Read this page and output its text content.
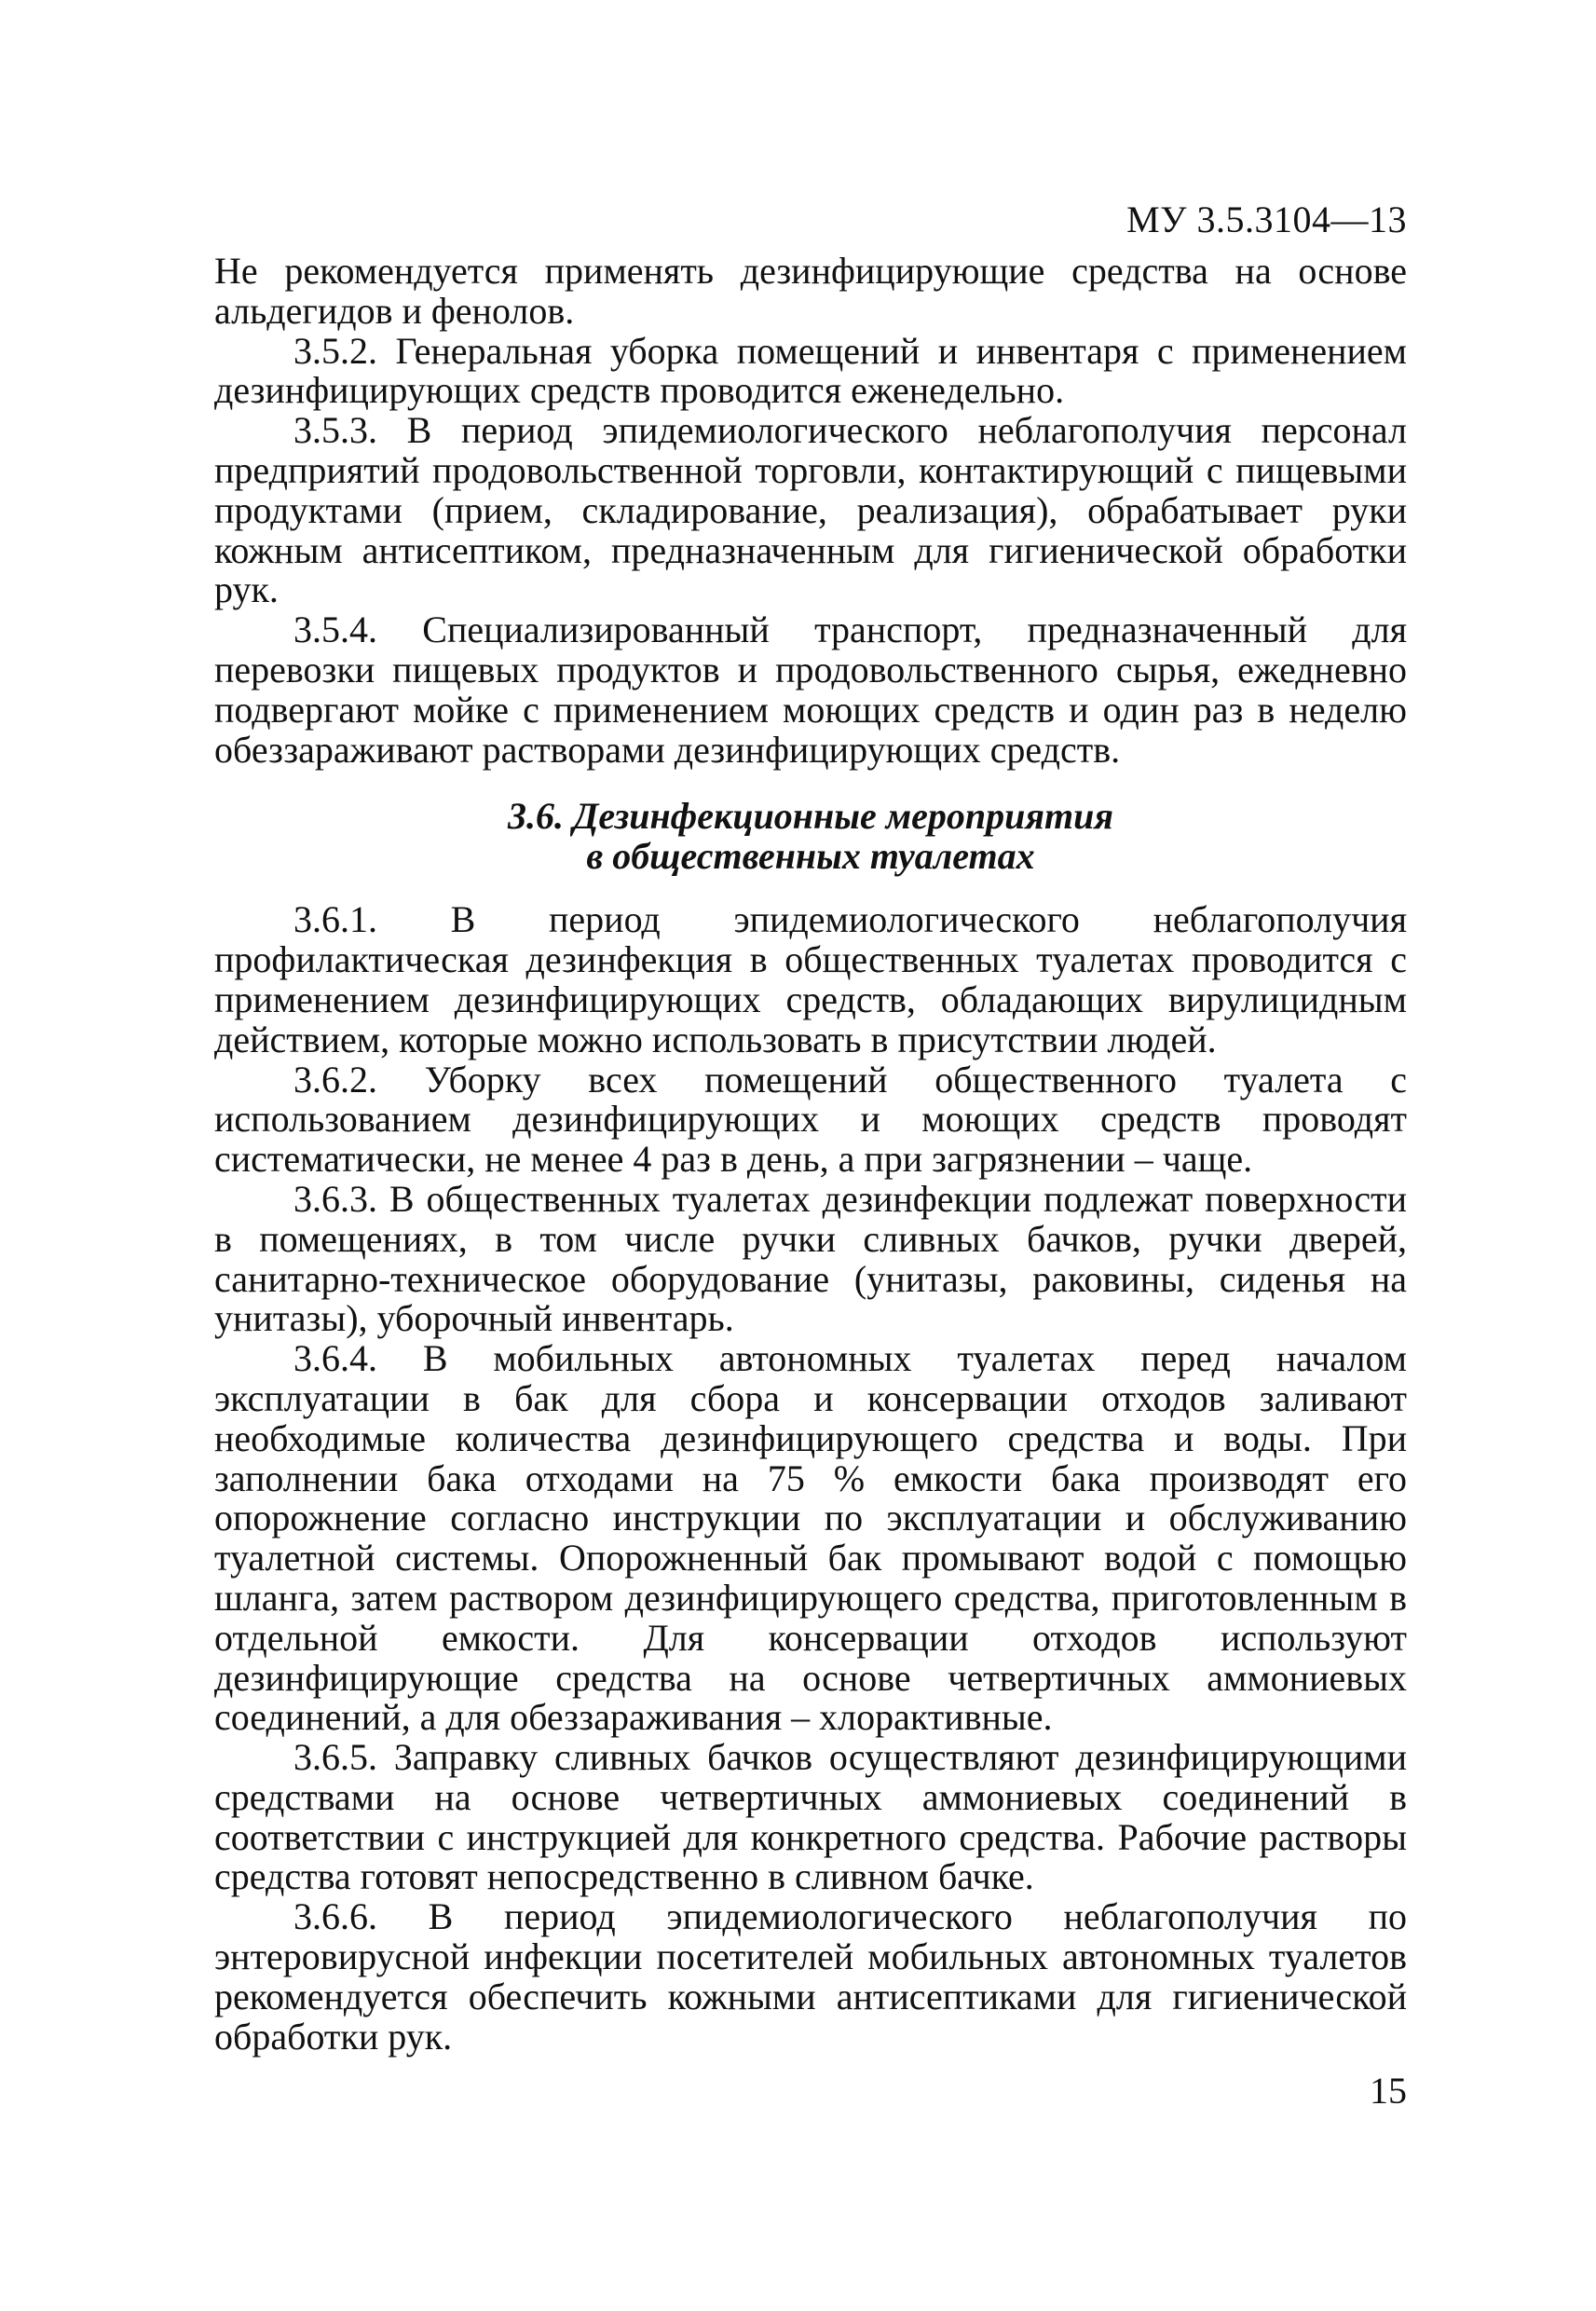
МУ 3.5.3104—13

Не рекомендуется применять дезинфицирующие средства на основе альдегидов и фенолов.

3.5.2. Генеральная уборка помещений и инвентаря с применением дезинфицирующих средств проводится еженедельно.

3.5.3. В период эпидемиологического неблагополучия персонал предприятий продовольственной торговли, контактирующий с пищевыми продуктами (прием, складирование, реализация), обрабатывает руки кожным антисептиком, предназначенным для гигиенической обработки рук.

3.5.4. Специализированный транспорт, предназначенный для перевозки пищевых продуктов и продовольственного сырья, ежедневно подвергают мойке с применением моющих средств и один раз в неделю обеззараживают растворами дезинфицирующих средств.

3.6. Дезинфекционные мероприятия
в общественных туалетах

3.6.1. В период эпидемиологического неблагополучия профилактическая дезинфекция в общественных туалетах проводится с применением дезинфицирующих средств, обладающих вирулицидным действием, которые можно использовать в присутствии людей.

3.6.2. Уборку всех помещений общественного туалета с использованием дезинфицирующих и моющих средств проводят систематически, не менее 4 раз в день, а при загрязнении – чаще.

3.6.3. В общественных туалетах дезинфекции подлежат поверхности в помещениях, в том числе ручки сливных бачков, ручки дверей, санитарно-техническое оборудование (унитазы, раковины, сиденья на унитазы), уборочный инвентарь.

3.6.4. В мобильных автономных туалетах перед началом эксплуатации в бак для сбора и консервации отходов заливают необходимые количества дезинфицирующего средства и воды. При заполнении бака отходами на 75 % емкости бака производят его опорожнение согласно инструкции по эксплуатации и обслуживанию туалетной системы. Опорожненный бак промывают водой с помощью шланга, затем раствором дезинфицирующего средства, приготовленным в отдельной емкости. Для консервации отходов используют дезинфицирующие средства на основе четвертичных аммониевых соединений, а для обеззараживания – хлорактивные.

3.6.5. Заправку сливных бачков осуществляют дезинфицирующими средствами на основе четвертичных аммониевых соединений в соответствии с инструкцией для конкретного средства. Рабочие растворы средства готовят непосредственно в сливном бачке.

3.6.6. В период эпидемиологического неблагополучия по энтеровирусной инфекции посетителей мобильных автономных туалетов рекомендуется обеспечить кожными антисептиками для гигиенической обработки рук.

15
